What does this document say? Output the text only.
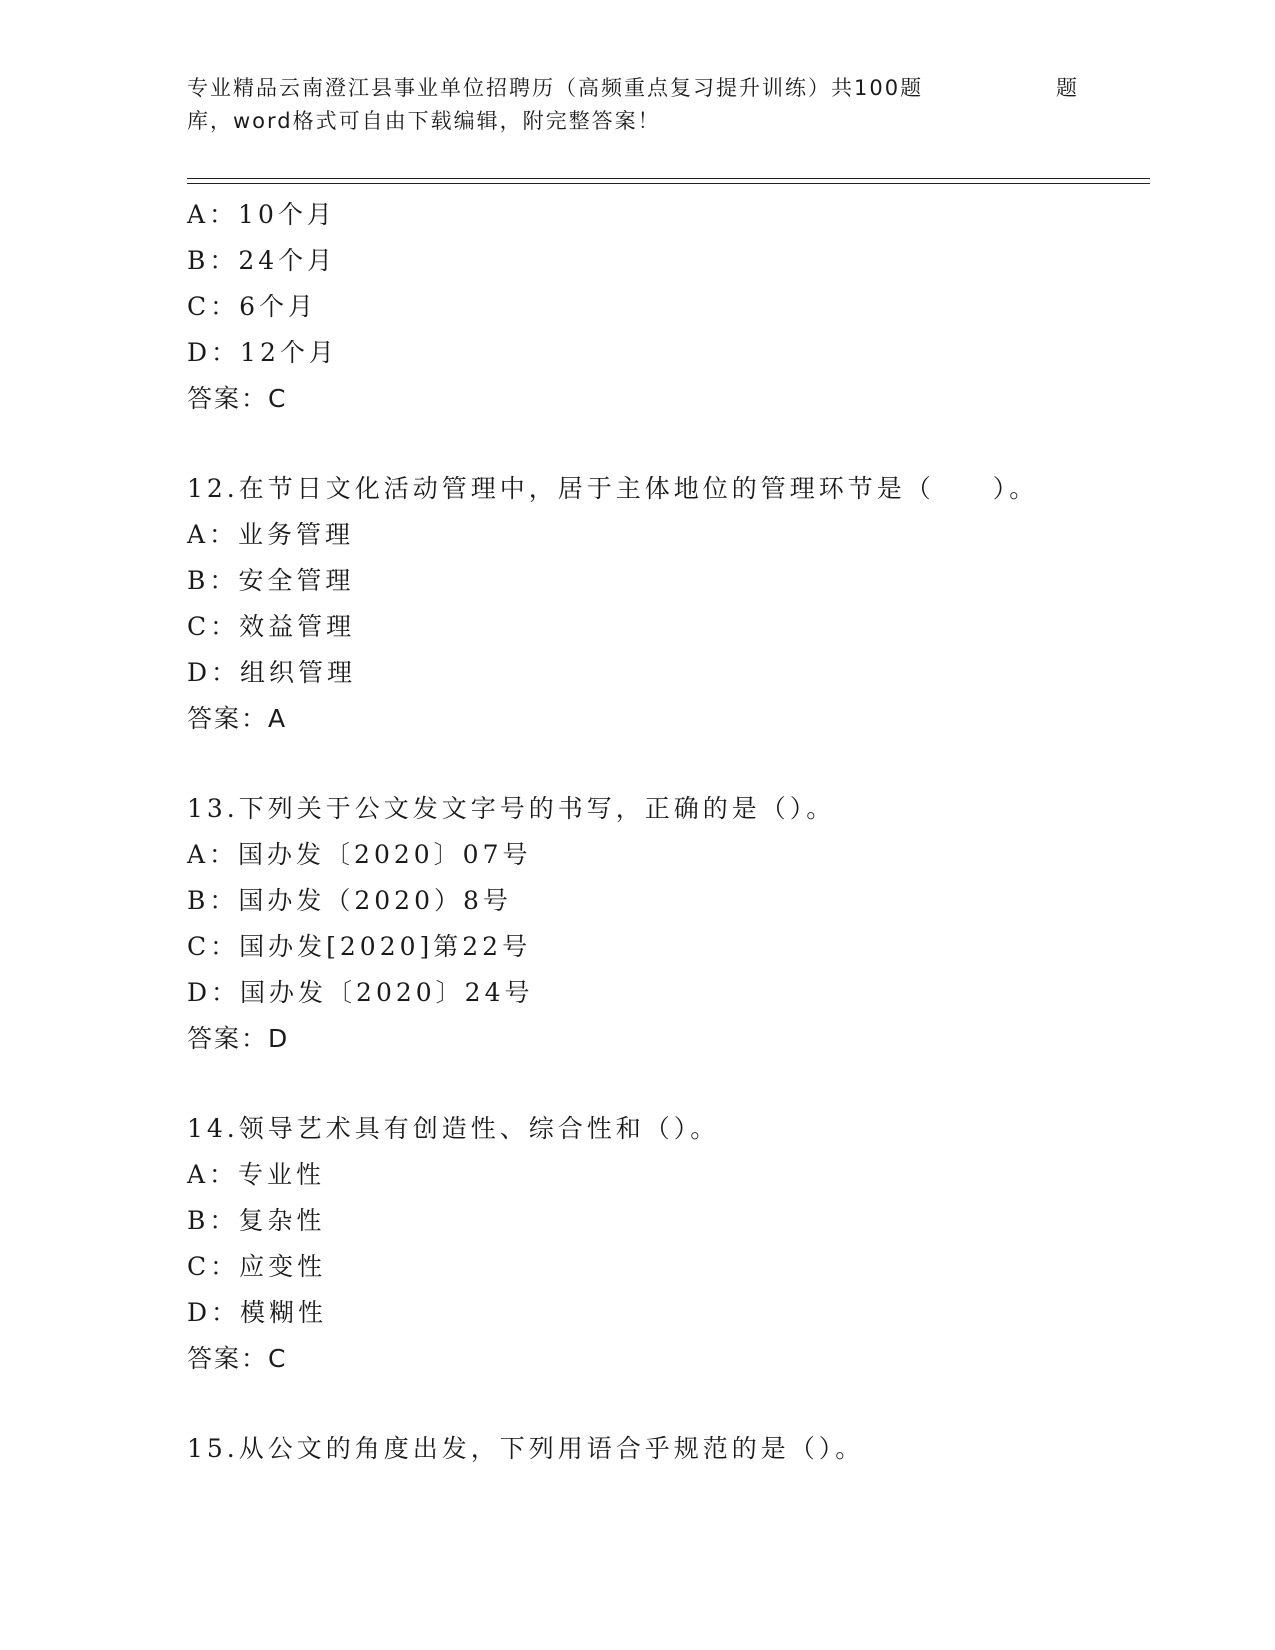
专业精品云南澄江县事业单位招聘历（高频重点复习提升训练）共100题	题
库，word格式可自由下载编辑，附完整答案！
A：10个月
B：24个月
C：6个月
D：12个月
答案：C
12.在节日文化活动管理中，居于主体地位的管理环节是（　　）。
A：业务管理
B：安全管理
C：效益管理
D：组织管理
答案：A
13.下列关于公文发文字号的书写，正确的是（）。
A：国办发〔2020〕07号
B：国办发（2020）8号
C：国办发[2020]第22号
D：国办发〔2020〕24号
答案：D
14.领导艺术具有创造性、综合性和（）。
A：专业性
B：复杂性
C：应变性
D：模糊性
答案：C
15.从公文的角度出发，下列用语合乎规范的是（）。
